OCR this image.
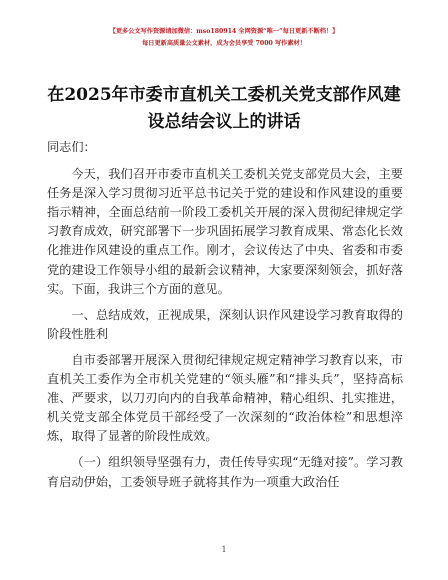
【更多公文写作资源请加微信：mso180914 全网资源“唯一”每日更新不断档！】
每日更新高质量公文素材，成为会员享受 7000 写作素材！
在2025年市委市直机关工委机关党支部作风建设总结会议上的讲话

同志们：

今天，我们召开市委市直机关工委机关党支部党员大会，主要任务是深入学习贯彻习近平总书记关于党的建设和作风建设的重要指示精神，全面总结前一阶段工委机关开展的深入贯彻纪律规定学习教育成效，研究部署下一步巩固拓展学习教育成果、常态化长效化推进作风建设的重点工作。刚才，会议传达了中央、省委和市委党的建设工作领导小组的最新会议精神，大家要深刻领会，抓好落实。下面，我讲三个方面的意见。

一、总结成效，正视成果，深刻认识作风建设学习教育取得的阶段性胜利

自市委部署开展深入贯彻纪律规定规定精神学习教育以来，市直机关工委作为全市机关党建的“领头雁”和“排头兵”，坚持高标准、严要求，以刀刃向内的自我革命精神，精心组织、扎实推进，机关党支部全体党员干部经受了一次深刻的“政治体检”和思想淬炼，取得了显著的阶段性成效。

（一）组织领导坚强有力，责任传导实现“无缝对接”。学习教育启动伊始，工委领导班子就将其作为一项重大政治任

1
